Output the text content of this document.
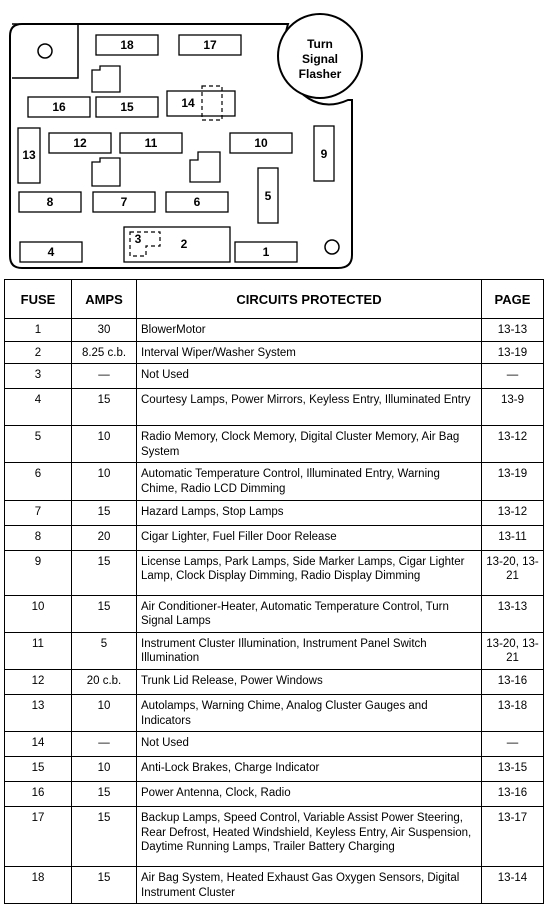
Turn
Signal
Flasher
18	17
16	15	14
13
12	11	10
9
8	7	6	5
4
3	2
1
FUSE	AMPS	CIRCUITS PROTECTED	PAGE
1	30	BlowerMotor	13-13
2	8.25 c.b.	Interval Wiper/Washer System	13-19
3	—	Not Used	—
4	15	Courtesy Lamps, Power Mirrors, Keyless Entry, Illuminated Entry	13-9
5	10	Radio Memory, Clock Memory, Digital Cluster Memory, Air Bag System	13-12
6	10	Automatic Temperature Control, Illuminated Entry, Warning Chime, Radio LCD Dimming	13-19
7	15	Hazard Lamps, Stop Lamps	13-12
8	20	Cigar Lighter, Fuel Filler Door Release	13-11
9	15	License Lamps, Park Lamps, Side Marker Lamps, Cigar Lighter Lamp, Clock Display Dimming, Radio Display Dimming	13-20, 13-21
10	15	Air Conditioner-Heater, Automatic Temperature Control, Turn Signal Lamps	13-13
11	5	Instrument Cluster Illumination, Instrument Panel Switch Illumination	13-20, 13-21
12	20 c.b.	Trunk Lid Release, Power Windows	13-16
13	10	Autolamps, Warning Chime, Analog Cluster Gauges and Indicators	13-18
14	—	Not Used	—
15	10	Anti-Lock Brakes, Charge Indicator	13-15
16	15	Power Antenna, Clock, Radio	13-16
17	15	Backup Lamps, Speed Control, Variable Assist Power Steering, Rear Defrost, Heated Windshield, Keyless Entry, Air Suspension, Daytime Running Lamps, Trailer Battery Charging	13-17
18	15	Air Bag System, Heated Exhaust Gas Oxygen Sensors, Digital Instrument Cluster	13-14
